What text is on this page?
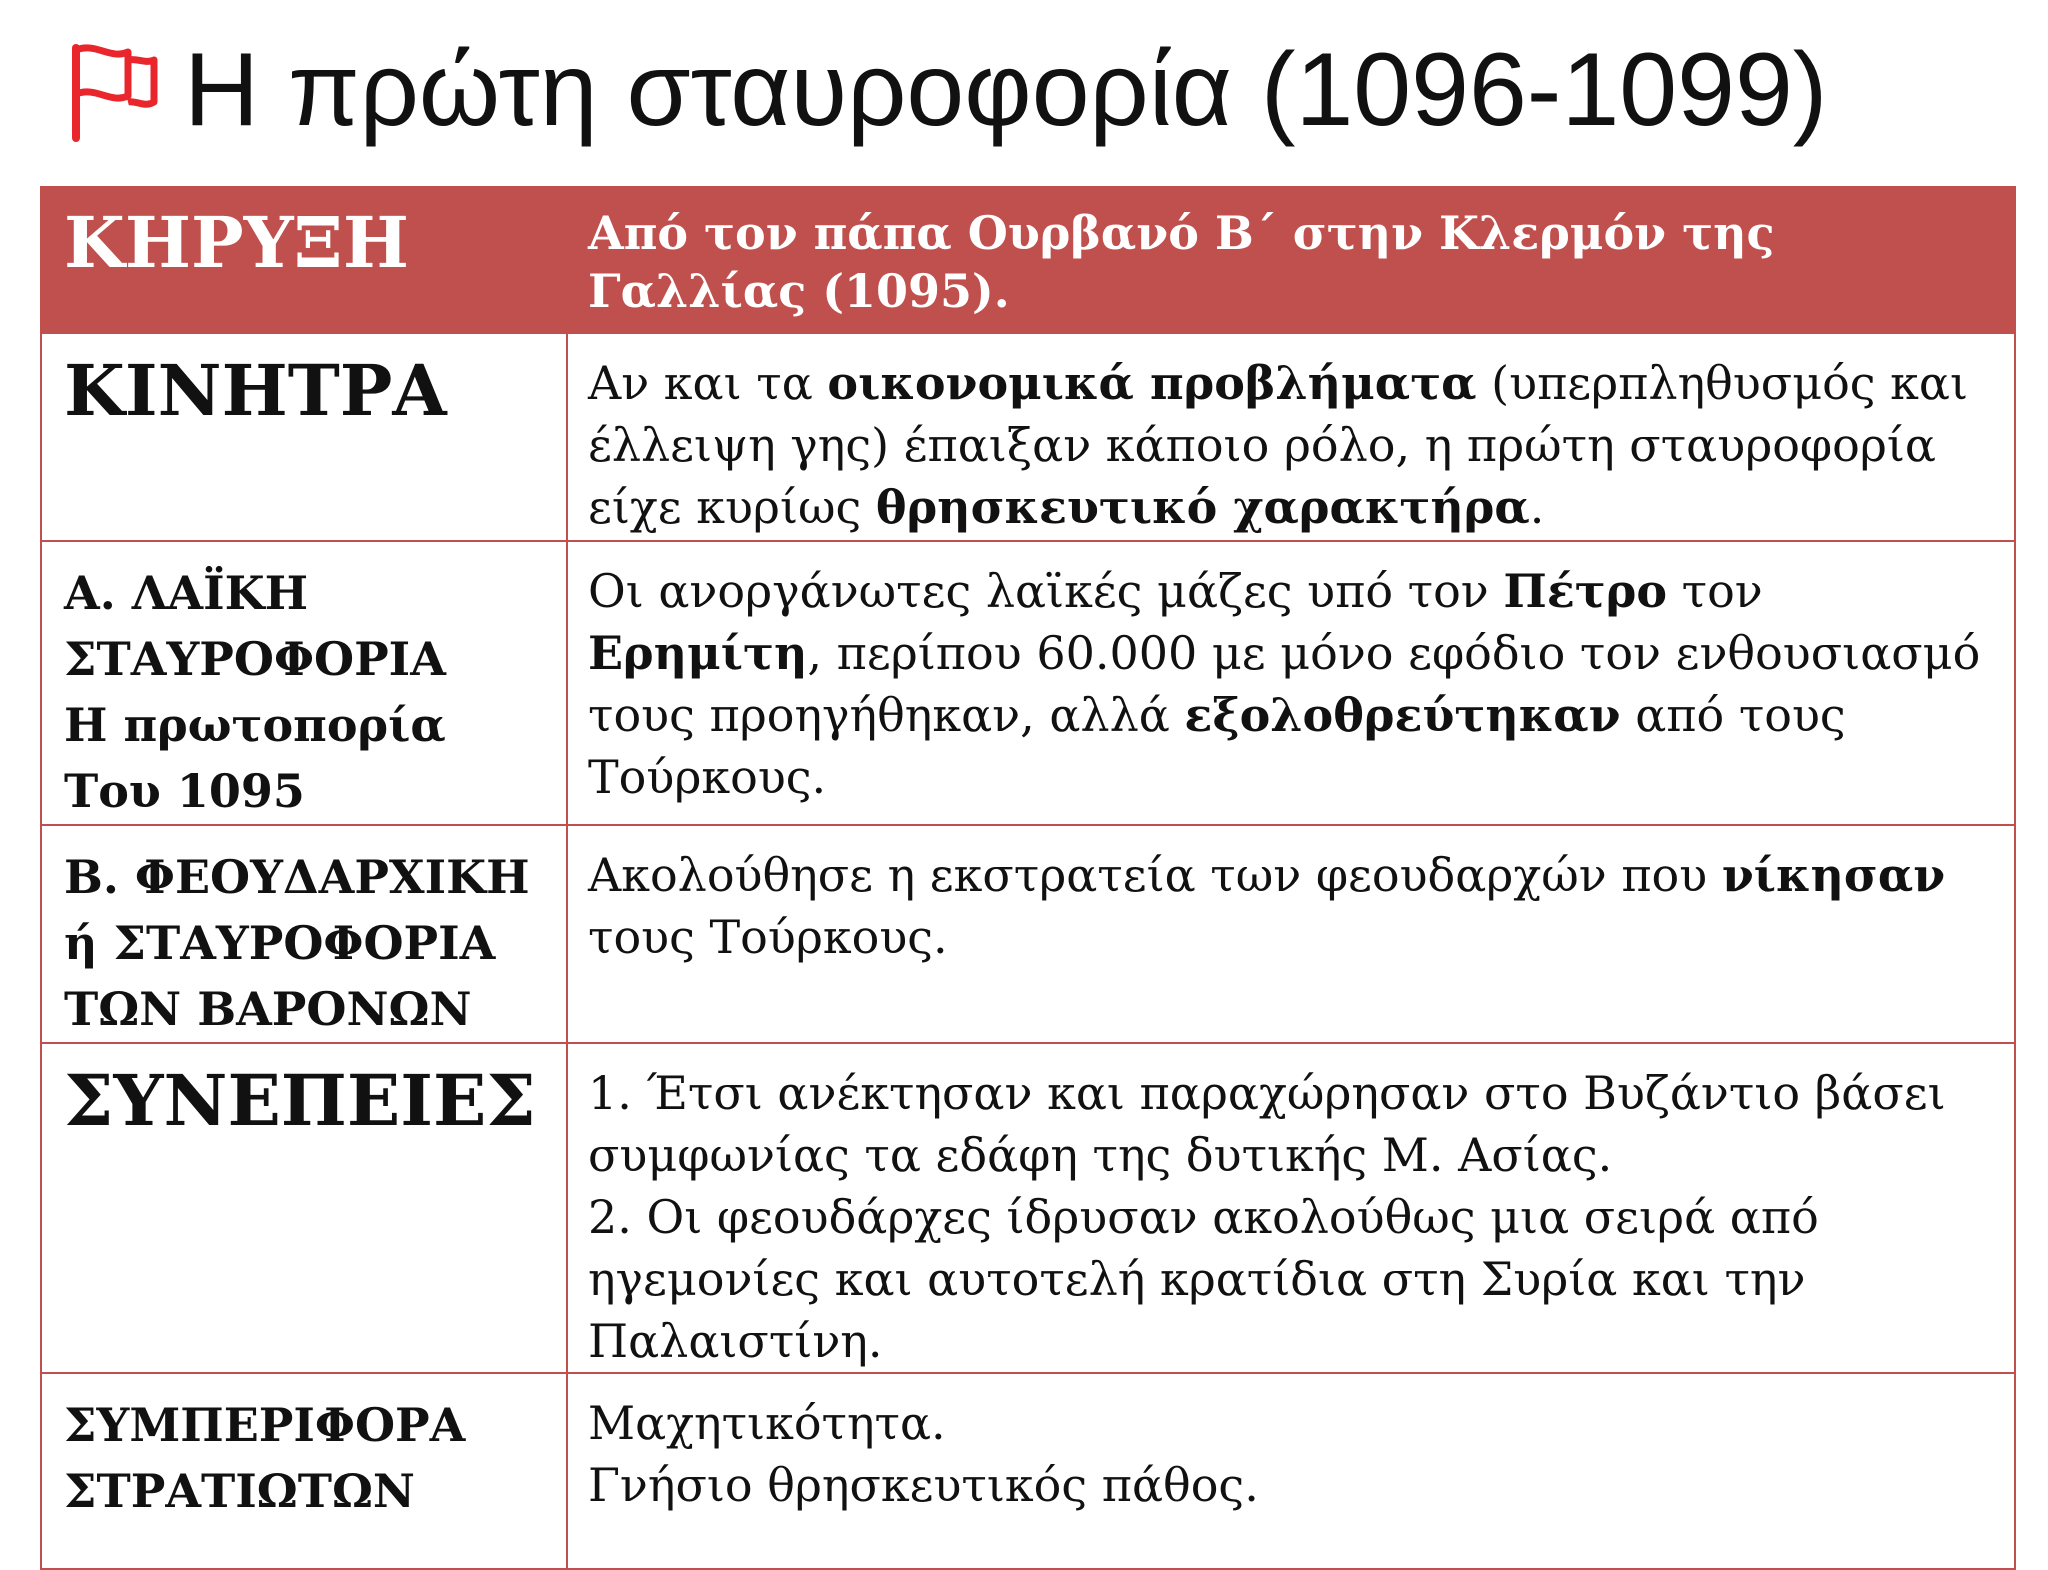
Η πρώτη σταυροφορία (1096-1099)
ΚΗΡΥΞΗ	Από τον πάπα Ουρβανό Β΄ στην Κλερμόν της Γαλλίας (1095).

ΚΙΝΗΤΡΑ	Αν και τα οικονομικά προβλήματα (υπερπληθυσμός και έλλειψη γης) έπαιξαν κάποιο ρόλο, η πρώτη σταυροφορία είχε κυρίως θρησκευτικό χαρακτήρα.

Α. ΛΑΪΚΗ
ΣΤΑΥΡΟΦΟΡΙΑ
Η πρωτοπορία
Του 1095	Οι ανοργάνωτες λαϊκές μάζες υπό τον Πέτρο τον Ερημίτη, περίπου 60.000 με μόνο εφόδιο τον ενθουσιασμό τους προηγήθηκαν, αλλά εξολοθρεύτηκαν από τους Τούρκους.

Β. ΦΕΟΥΔΑΡΧΙΚΗ
ή ΣΤΑΥΡΟΦΟΡΙΑ
ΤΩΝ ΒΑΡΟΝΩΝ	Ακολούθησε η εκστρατεία των φεουδαρχών που νίκησαν τους Τούρκους.

ΣΥΝΕΠΕΙΕΣ	1. Έτσι ανέκτησαν και παραχώρησαν στο Βυζάντιο βάσει συμφωνίας τα εδάφη της δυτικής Μ. Ασίας.
2. Οι φεουδάρχες ίδρυσαν ακολούθως μια σειρά από ηγεμονίες και αυτοτελή κρατίδια στη Συρία και την Παλαιστίνη.

ΣΥΜΠΕΡΙΦΟΡΑ
ΣΤΡΑΤΙΩΤΩΝ	Μαχητικότητα.
Γνήσιο θρησκευτικός πάθος.
